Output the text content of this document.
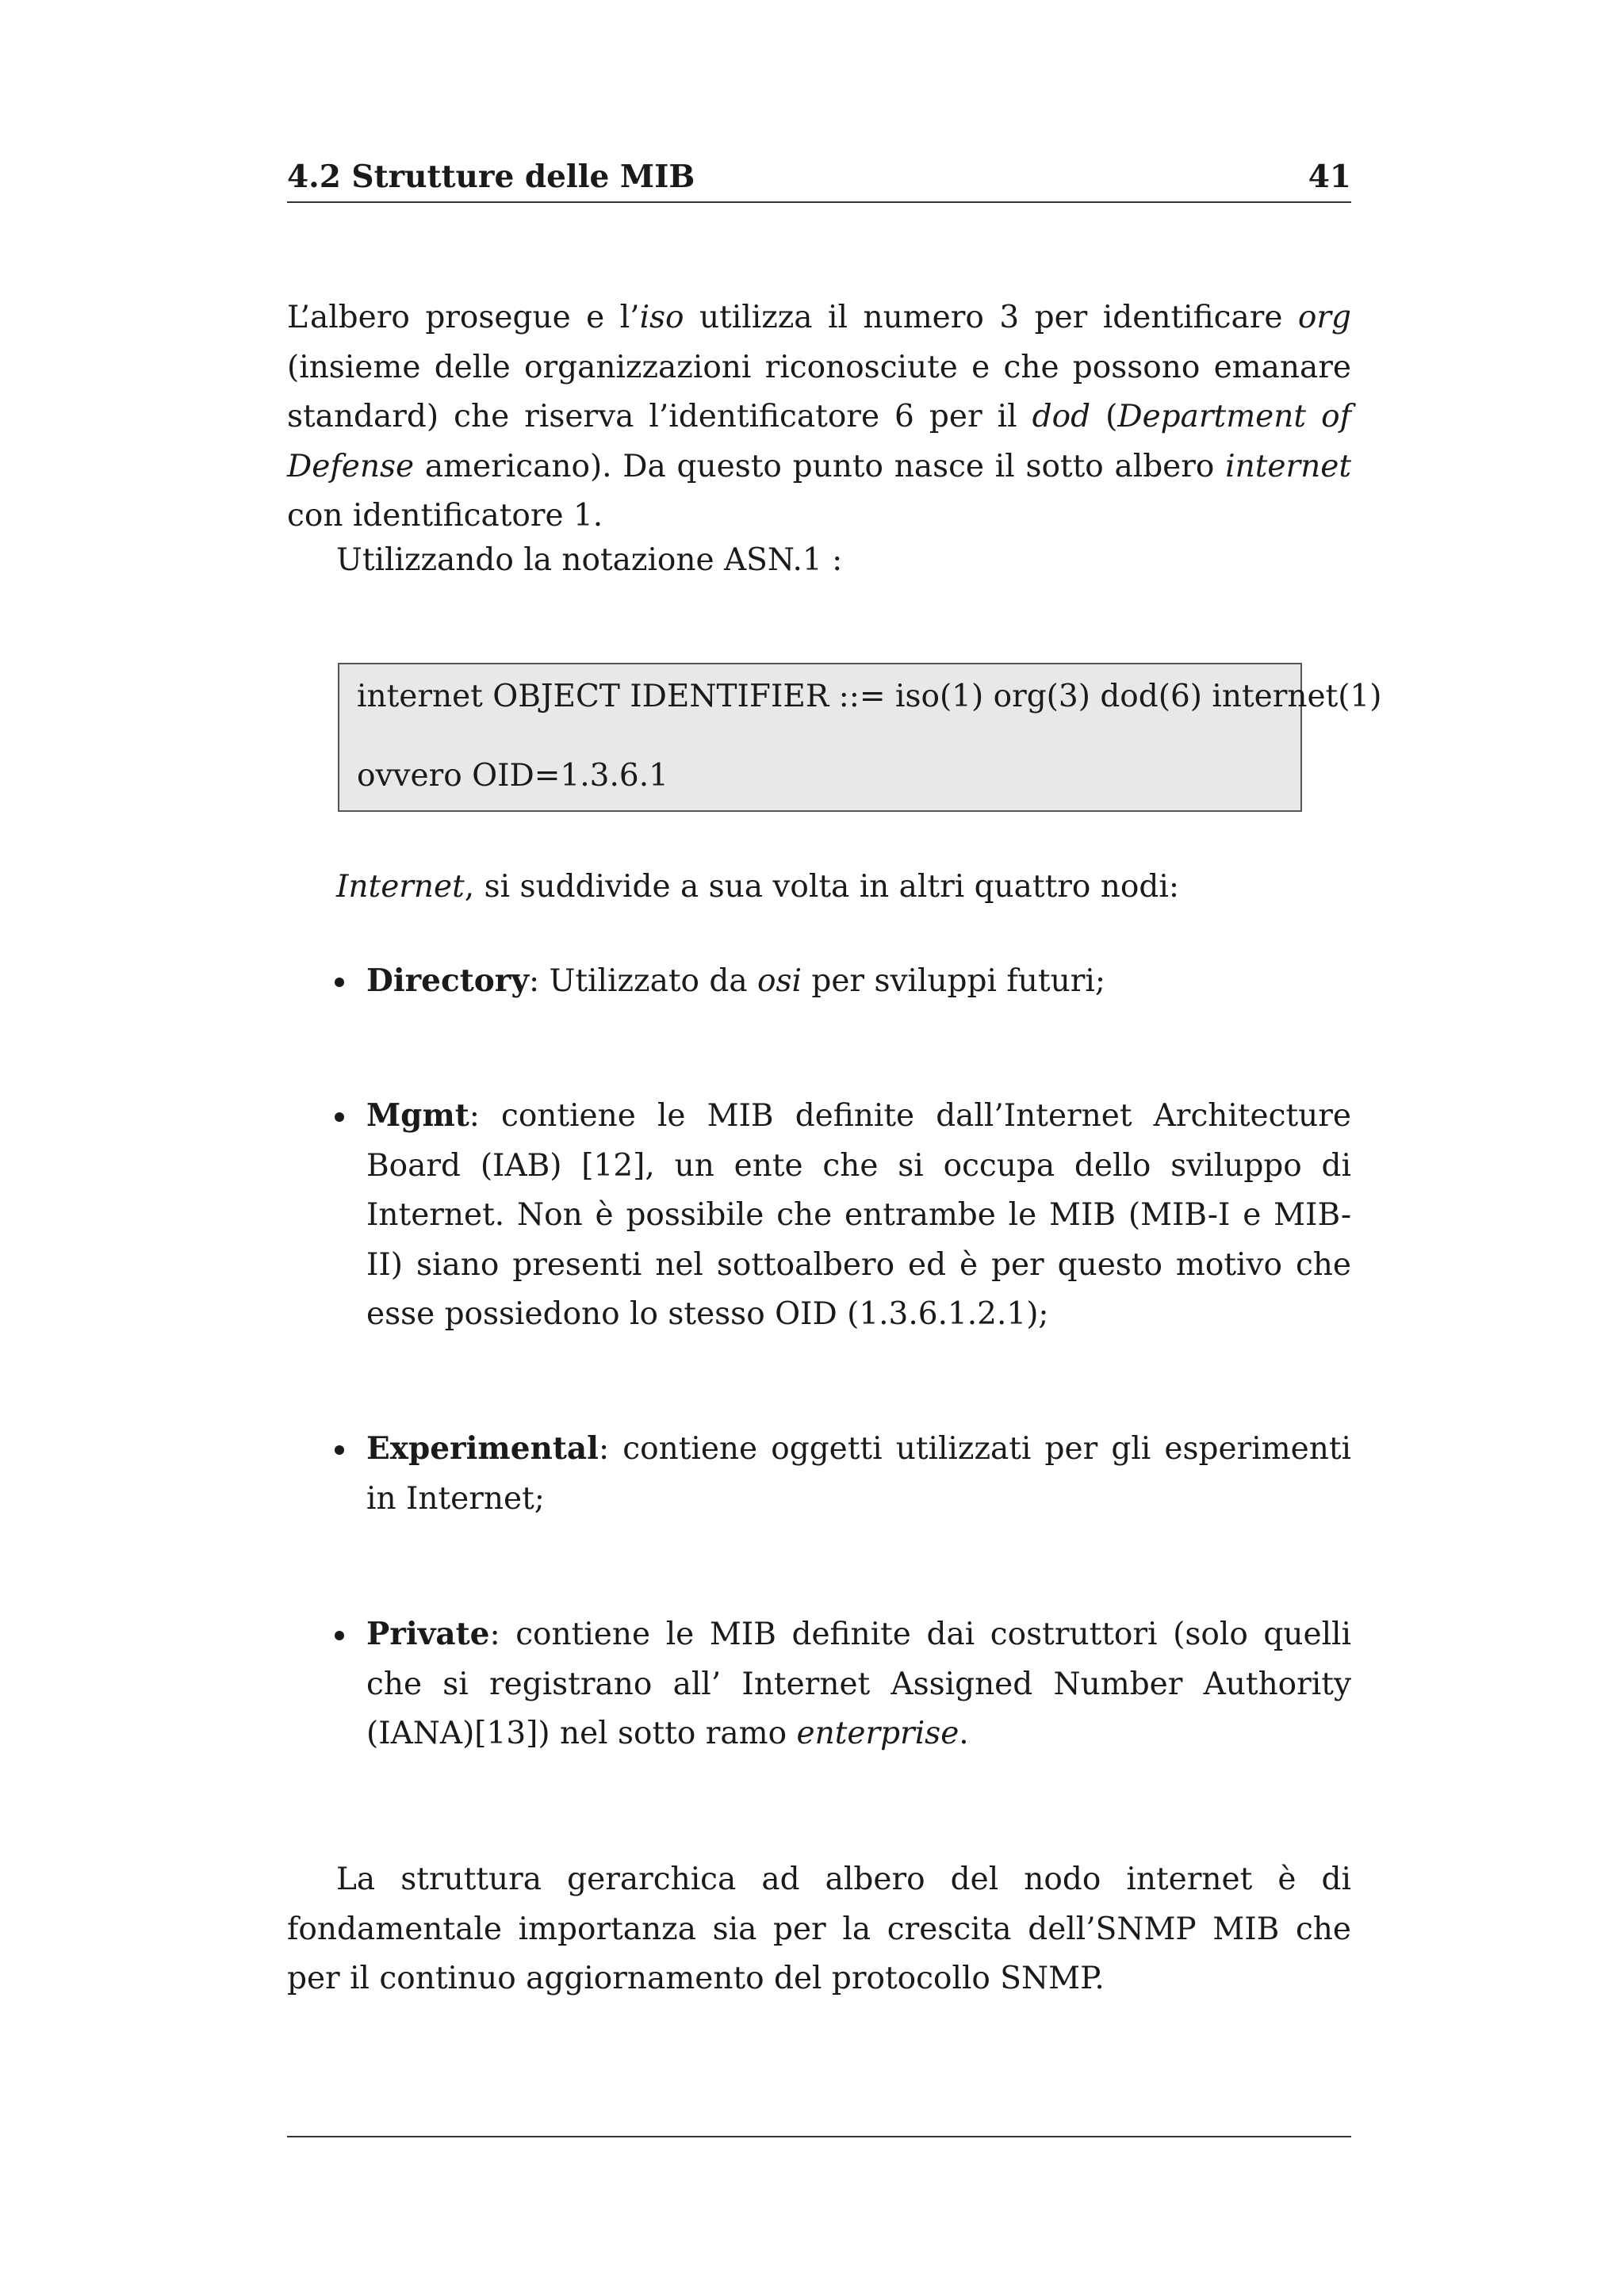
4.2 Strutture delle MIB	41

L’albero prosegue e l’iso utilizza il numero 3 per identificare org (insieme delle organizzazioni riconosciute e che possono emanare standard) che riserva l’identificatore 6 per il dod (Department of Defense americano). Da questo punto nasce il sotto albero internet con identificatore 1.

Utilizzando la notazione ASN.1 :

internet OBJECT IDENTIFIER ::= iso(1) org(3) dod(6) internet(1)
ovvero OID=1.3.6.1

Internet, si suddivide a sua volta in altri quattro nodi:

Directory: Utilizzato da osi per sviluppi futuri;

Mgmt: contiene le MIB definite dall’Internet Architecture Board (IAB) [12], un ente che si occupa dello sviluppo di Internet. Non è possibile che entrambe le MIB (MIB-I e MIB-II) siano presenti nel sottoalbero ed è per questo motivo che esse possiedono lo stesso OID (1.3.6.1.2.1);

Experimental: contiene oggetti utilizzati per gli esperimenti in Internet;

Private: contiene le MIB definite dai costruttori (solo quelli che si registrano all’ Internet Assigned Number Authority (IANA)[13]) nel sotto ramo enterprise.

La struttura gerarchica ad albero del nodo internet è di fondamentale importanza sia per la crescita dell’SNMP MIB che per il continuo aggiornamento del protocollo SNMP.
